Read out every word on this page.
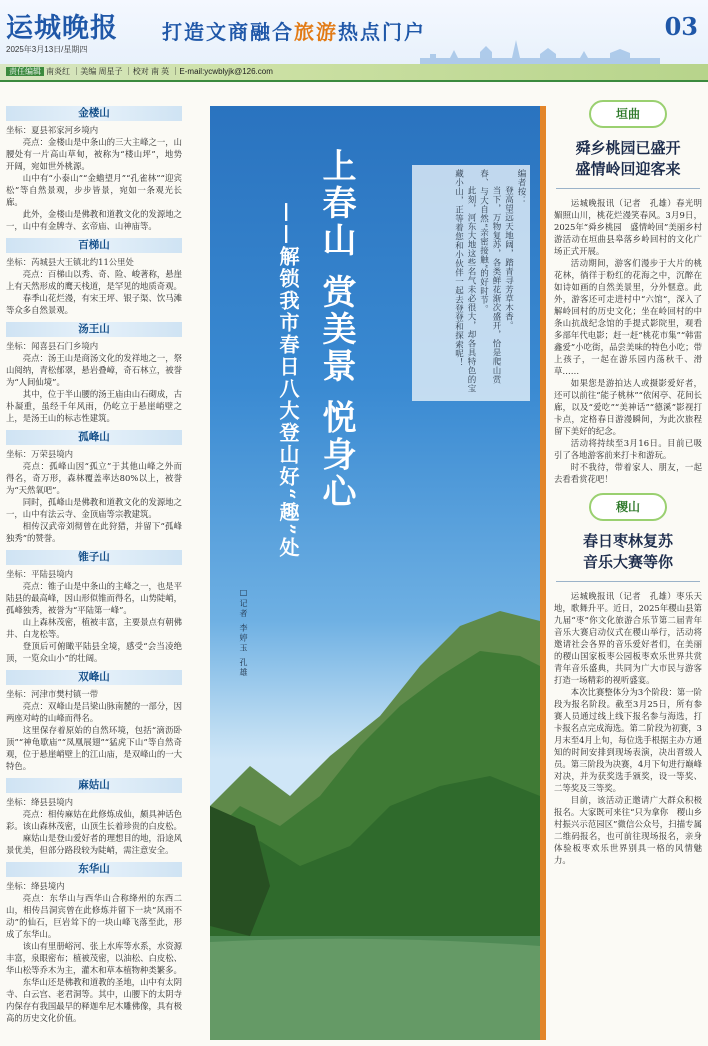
运城晚报
2025年3月13日/星期四
打造文商融合旅游热点门户	03
责任编辑 南炎红 ｜美编 周星子 ｜校对 南 英 ｜E-mail:ycwblyjk@126.com
金楼山

坐标：夏县祁家河乡境内

亮点：金楼山是中条山的三大主峰之一，山腰处有一片高山草甸，被称为“楼山坪”，地势开阔，宛如世外桃源。

山中有“小泰山”“金蟾望月”“孔雀林”“迎宾松”等自然景观，步步皆景，宛如一条观光长廊。

此外，金楼山是佛教和道教文化的发源地之一，山中有金牌寺、玄帝庙、山神庙等。

百梯山

坐标：芮城县大王镇北约11公里处

亮点：百梯山以秀、奇、险、峻著称，悬崖上有天然形成的鹰天栈道，是罕见的地质奇观。

春季山花烂漫，有宋王坪、银子渠、饮马滩等众多自然景观。

汤王山

坐标：闻喜县石门乡境内

亮点：汤王山是商汤文化的发祥地之一，祭山阅纳，青松郁翠，悬岩叠嶂，奇石林立，被誉为“人间仙境”。

其中，位于半山腰的汤王庙由山石砌成，古朴凝重，虽经千年风雨，仍屹立于悬崖峭壁之上，是汤王山的标志性建筑。

孤峰山

坐标：万荣县境内

亮点：孤峰山因“孤立”于其他山峰之外而得名，奇万形，森林覆盖率达80%以上，被誉为“天然氧吧”。

同时，孤峰山是佛教和道教文化的发源地之一，山中有法云寺、金顶庙等宗教建筑。

相传汉武帝刘彻曾在此狩猎，并留下“孤峰独秀”的赞誉。

锥子山

坐标：平陆县境内

亮点：锥子山是中条山的主峰之一，也是平陆县的最高峰，因山形似锥而得名，山势陡峭，孤峰独秀，被誉为“平陆第一峰”。

山上森林茂密，植被丰富，主要景点有朝佛井、白龙松等。

登顶后可俯瞰平陆县全境，感受“会当凌绝顶，一览众山小”的壮阔。

双峰山

坐标：河津市樊村镇一带

亮点：双峰山是吕梁山脉南麓的一部分，因两座对峙的山峰而得名。

这里保存着原始的自然环境，包括“滴沥卧顶”“神龟歇庙”“凤凰展翅”“猛虎下山”等自然奇观，位于悬崖峭壁上的江山庙，是双峰山的一大特色。

麻姑山

坐标：绛县县境内

亮点：相传麻姑在此修炼成仙，颇具神话色彩。该山森林茂密，山顶生长着珍贵的白皮松。

麻姑山是登山爱好者的理想目的地，沿途风景优美，但部分路段较为陡峭，需注意安全。

东华山

坐标：绛县境内

亮点：东华山与西华山合称绛州的东西二山，相传吕洞宾曾在此修炼并留下一块“风雨不动”的仙石，巨岩耸下的一块山峰飞落至此，形成了东华山。

该山有里册峪河、张上水库等水系，水资源丰富，泉眼密布；植被茂密，以油松、白皮松、华山松等乔木为主，灌木和草本植物种类繁多。

东华山还是佛教和道教的圣地，山中有太阴寺、白云宫、老君洞等。其中，山腰下的太阴寺内保存有我国最早的释迦牟尼木雕佛像，具有极高的历史文化价值。

上春山 赏美景 悦身心
——解锁我市春日八大登山好“趣”处
编者按：
登高望远天地阔，踏青寻芳草木香。
当下，万物复苏，各类鲜花渐次盛开，恰是爬山赏春、与大自然“亲密接触”的好时节。
此刻，河东大地这些名气未必很大，却各具特色的宝藏小山，正等着您和小伙伴一起去登登和探索呢！
□记者 李婷玉 孔雄
垣曲
舜乡桃园已盛开
盛情岭回迎客来

运城晚报讯（记者　孔雄）春光明媚照山川，桃花烂漫笑春风。3月9日，2025年“舜乡桃园　盛情岭回”美丽乡村游活动在垣曲县皋落乡岭回村的文化广场正式开展。

活动期间，游客们漫步于大片的桃花林，徜徉于粉红的花海之中，沉醉在如诗如画的自然美景里，分外惬意。此外，游客还可走进村中“六馆”，深入了解岭回村的历史文化；坐在岭回村的中条山抗战纪念馆的手提式影院里，观看多部年代电影；赶一赶“桃花市集”“韩雷鑫爱”小吃街，品尝美味的特色小吃；带上孩子，一起在游乐园内荡秋千、滑草……

如果您是游拍达人或摄影爱好者，还可以前往“能子桃林”“依闲亭、花间长廊，以及“爱吃”“美神话”“德溪”影视打卡点，定格春日游漫瞬间，为此次旅程留下美好的纪念。

活动将持续至3月16日。目前已吸引了各地游客前来打卡和游玩。

时不我待，带着家人、朋友，一起去看看赏花吧！

稷山
春日枣林复苏
音乐大赛等你

运城晚报讯（记者　孔雄）枣乐天地，歌舞升平。近日，2025年稷山县第九届“枣”你文化旅游合乐节第二届青年音乐大赛启动仪式在稷山举行，活动将邀请社会各界的音乐爱好者们，在美丽的稷山国家板枣公园板枣欢乐世界共赏青年音乐盛典，共同为广大市民与游客打造一场精彩的视听盛宴。

本次比赛整体分为3个阶段：第一阶段为报名阶段。截至3月25日，所有参赛人员通过线上线下报名参与海选，打卡报名点完成海选。第二阶段为初赛，3月末至4月上旬，每位选手根据主办方通知的时间安排到现场表演，决出晋级人员。第三阶段为决赛，4月下旬进行巅峰对决，并为获奖选手颁奖，设一等奖、二等奖及三等奖。

目前，该活动正邀请广大群众积极报名。大家既可来往“只为拿你　稷山乡村振兴示范园区”微信公众号，扫描专属二维码报名，也可前往现场报名，亲身体验板枣欢乐世界别具一格的风情魅力。
